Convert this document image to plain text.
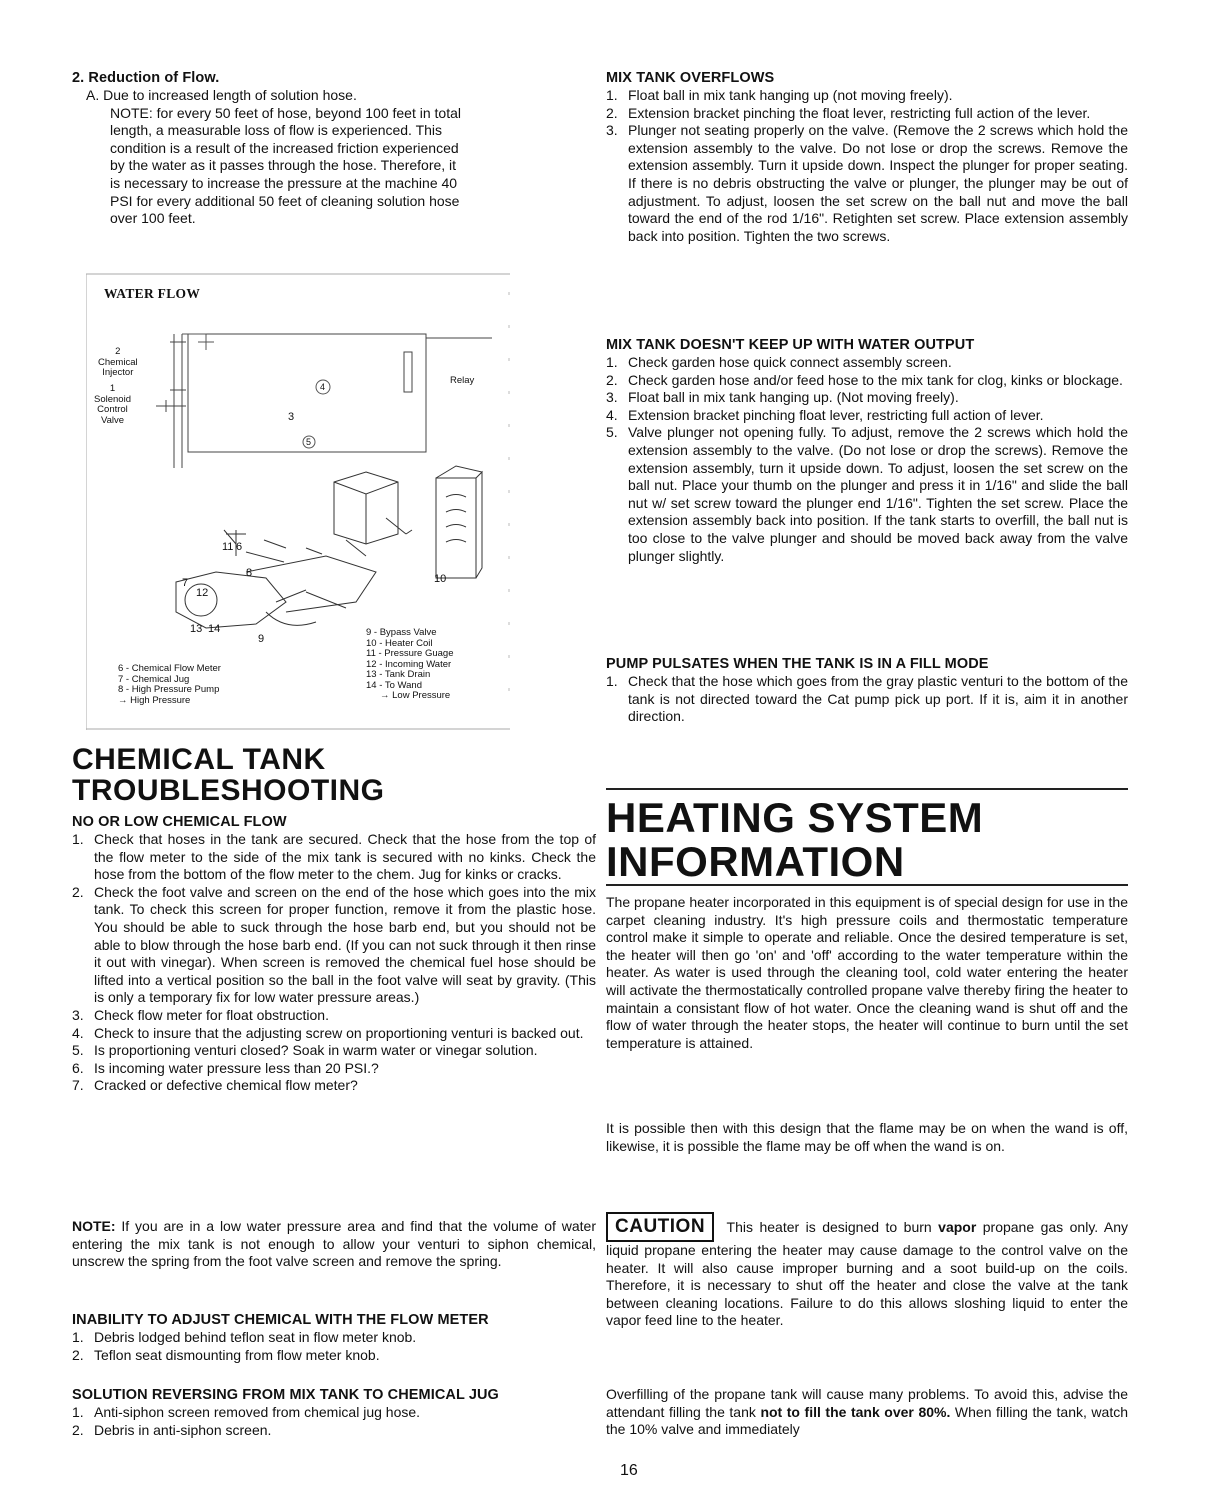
2. Reduction of Flow.
A. Due to increased length of solution hose.
NOTE: for every 50 feet of hose, beyond 100 feet in total length, a measurable loss of flow is experienced. This condition is a result of the increased friction experienced by the water as it passes through the hose. Therefore, it is necessary to increase the pressure at the machine 40 PSI for every additional 50 feet of cleaning solution hose over 100 feet.
CHEMICAL TANK
TROUBLESHOOTING
NO OR LOW CHEMICAL FLOW
1. Check that hoses in the tank are secured. Check that the hose from the top of the flow meter to the side of the mix tank is secured with no kinks. Check the hose from the bottom of the flow meter to the chem. Jug for kinks or cracks.
2. Check the foot valve and screen on the end of the hose which goes into the mix tank. To check this screen for proper function, remove it from the plastic hose. You should be able to suck through the hose barb end, but you should not be able to blow through the hose barb end. (If you can not suck through it then rinse it out with vinegar). When screen is removed the chemical fuel hose should be lifted into a vertical position so the ball in the foot valve will seat by gravity. (This is only a temporary fix for low water pressure areas.)
3. Check flow meter for float obstruction.
4. Check to insure that the adjusting screw on proportioning venturi is backed out.
5. Is proportioning venturi closed? Soak in warm water or vinegar solution.
6. Is incoming water pressure less than 20 PSI.?
7. Cracked or defective chemical flow meter?
NOTE: If you are in a low water pressure area and find that the volume of water entering the mix tank is not enough to allow your venturi to siphon chemical, unscrew the spring from the foot valve screen and remove the spring.
INABILITY TO ADJUST CHEMICAL WITH THE FLOW METER
1. Debris lodged behind teflon seat in flow meter knob.
2. Teflon seat dismounting from flow meter knob.
SOLUTION REVERSING FROM MIX TANK TO CHEMICAL JUG
1. Anti-siphon screen removed from chemical jug hose.
2. Debris in anti-siphon screen.
WATER FLOW
2
Chemical
Injector
1
Solenoid
Control
Valve
Relay
3
4
5
6
7
8
9
10
11
12
13 14	9 - Bypass Valve
10 - Heater Coil
11 - Pressure Guage
12 - Incoming Water
13 - Tank Drain
14 - To Wand
→ Low Pressure
6 - Chemical Flow Meter
7 - Chemical Jug
8 - High Pressure Pump
→ High Pressure
MIX TANK OVERFLOWS
1. Float ball in mix tank hanging up (not moving freely).
2. Extension bracket pinching the float lever, restricting full action of the lever.
3. Plunger not seating properly on the valve. (Remove the 2 screws which hold the extension assembly to the valve. Do not lose or drop the screws. Remove the extension assembly. Turn it upside down. Inspect the plunger for proper seating. If there is no debris obstructing the valve or plunger, the plunger may be out of adjustment. To adjust, loosen the set screw on the ball nut and move the ball toward the end of the rod 1/16". Retighten set screw. Place extension assembly back into position. Tighten the two screws.
MIX TANK DOESN'T KEEP UP WITH WATER OUTPUT
1. Check garden hose quick connect assembly screen.
2. Check garden hose and/or feed hose to the mix tank for clog, kinks or blockage.
3. Float ball in mix tank hanging up. (Not moving freely).
4. Extension bracket pinching float lever, restricting full action of lever.
5. Valve plunger not opening fully. To adjust, remove the 2 screws which hold the extension assembly to the valve. (Do not lose or drop the screws). Remove the extension assembly, turn it upside down. To adjust, loosen the set screw on the ball nut. Place your thumb on the plunger and press it in 1/16" and slide the ball nut w/ set screw toward the plunger end 1/16". Tighten the set screw. Place the extension assembly back into position. If the tank starts to overfill, the ball nut is too close to the valve plunger and should be moved back away from the valve plunger slightly.
PUMP PULSATES WHEN THE TANK IS IN A FILL MODE
1. Check that the hose which goes from the gray plastic venturi to the bottom of the tank is not directed toward the Cat pump pick up port. If it is, aim it in another direction.
HEATING SYSTEM
INFORMATION
The propane heater incorporated in this equipment is of special design for use in the carpet cleaning industry. It's high pressure coils and thermostatic temperature control make it simple to operate and reliable. Once the desired temperature is set, the heater will then go 'on' and 'off' according to the water temperature within the heater. As water is used through the cleaning tool, cold water entering the heater will activate the thermostatically controlled propane valve thereby firing the heater to maintain a consistant flow of hot water. Once the cleaning wand is shut off and the flow of water through the heater stops, the heater will continue to burn until the set temperature is attained.
It is possible then with this design that the flame may be on when the wand is off, likewise, it is possible the flame may be off when the wand is on.
CAUTION This heater is designed to burn vapor propane gas only. Any liquid propane entering the heater may cause damage to the control valve on the heater. It will also cause improper burning and a soot build-up on the coils. Therefore, it is necessary to shut off the heater and close the valve at the tank between cleaning locations. Failure to do this allows sloshing liquid to enter the vapor feed line to the heater.
Overfilling of the propane tank will cause many problems. To avoid this, advise the attendant filling the tank not to fill the tank over 80%. When filling the tank, watch the 10% valve and immediately
16
